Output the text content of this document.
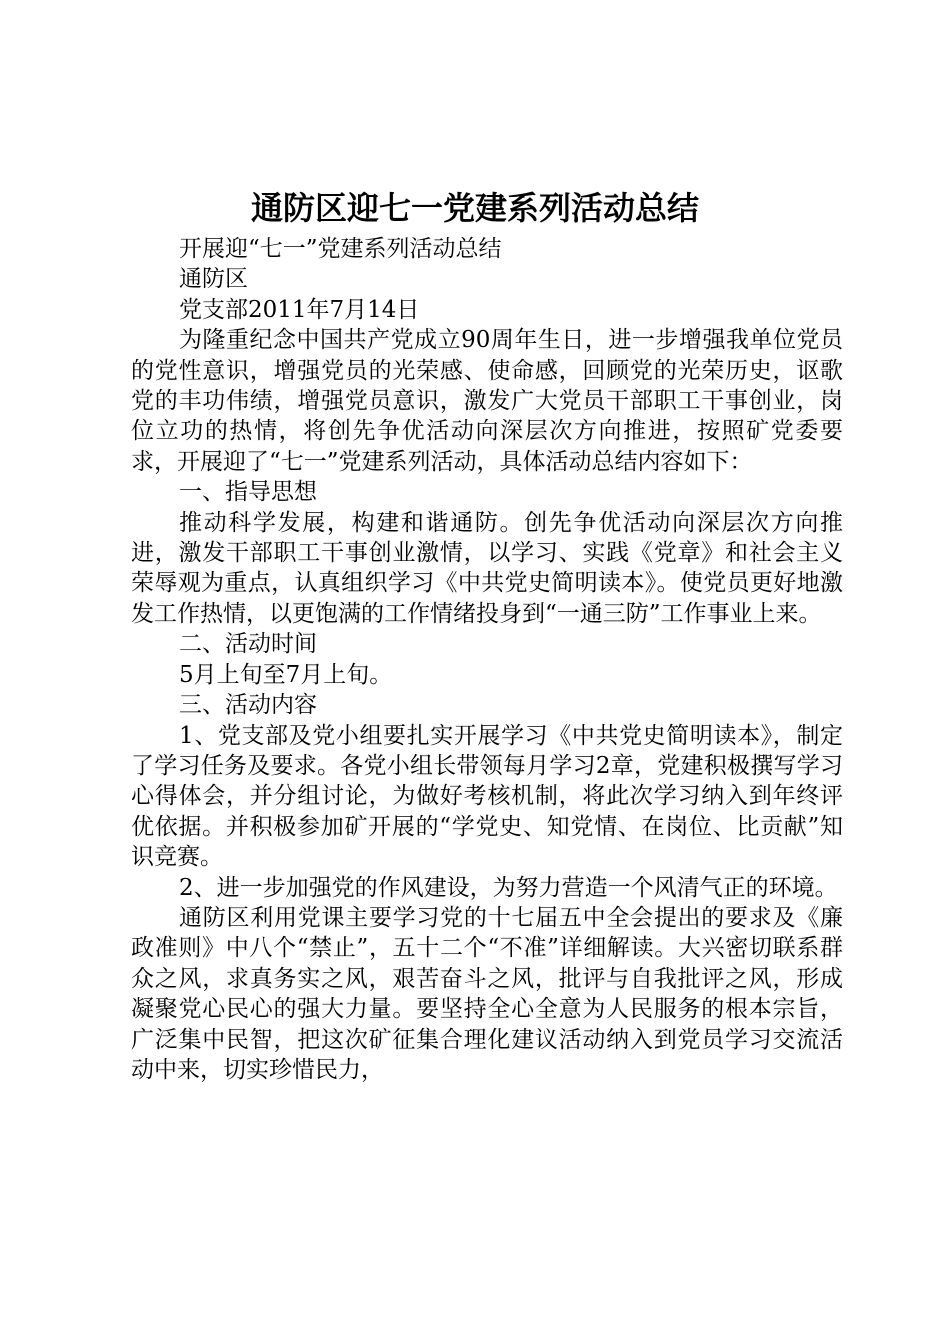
通防区迎七一党建系列活动总结

开展迎“七一”党建系列活动总结

通防区

党支部2011年7月14日

为隆重纪念中国共产党成立90周年生日，进一步增强我单位党员的党性意识，增强党员的光荣感、使命感，回顾党的光荣历史，讴歌党的丰功伟绩，增强党员意识，激发广大党员干部职工干事创业，岗位立功的热情，将创先争优活动向深层次方向推进，按照矿党委要求，开展迎了“七一”党建系列活动，具体活动总结内容如下：

一、指导思想

推动科学发展，构建和谐通防。创先争优活动向深层次方向推进，激发干部职工干事创业激情，以学习、实践《党章》和社会主义荣辱观为重点，认真组织学习《中共党史简明读本》。使党员更好地激发工作热情，以更饱满的工作情绪投身到“一通三防”工作事业上来。

二、活动时间

5月上旬至7月上旬。

三、活动内容

1、党支部及党小组要扎实开展学习《中共党史简明读本》，制定了学习任务及要求。各党小组长带领每月学习2章，党建积极撰写学习心得体会，并分组讨论，为做好考核机制，将此次学习纳入到年终评优依据。并积极参加矿开展的“学党史、知党情、在岗位、比贡献”知识竞赛。

2、进一步加强党的作风建设，为努力营造一个风清气正的环境。

通防区利用党课主要学习党的十七届五中全会提出的要求及《廉政准则》中八个“禁止”，五十二个“不准”详细解读。大兴密切联系群众之风，求真务实之风，艰苦奋斗之风，批评与自我批评之风，形成凝聚党心民心的强大力量。要坚持全心全意为人民服务的根本宗旨，广泛集中民智，把这次矿征集合理化建议活动纳入到党员学习交流活动中来，切实珍惜民力，
